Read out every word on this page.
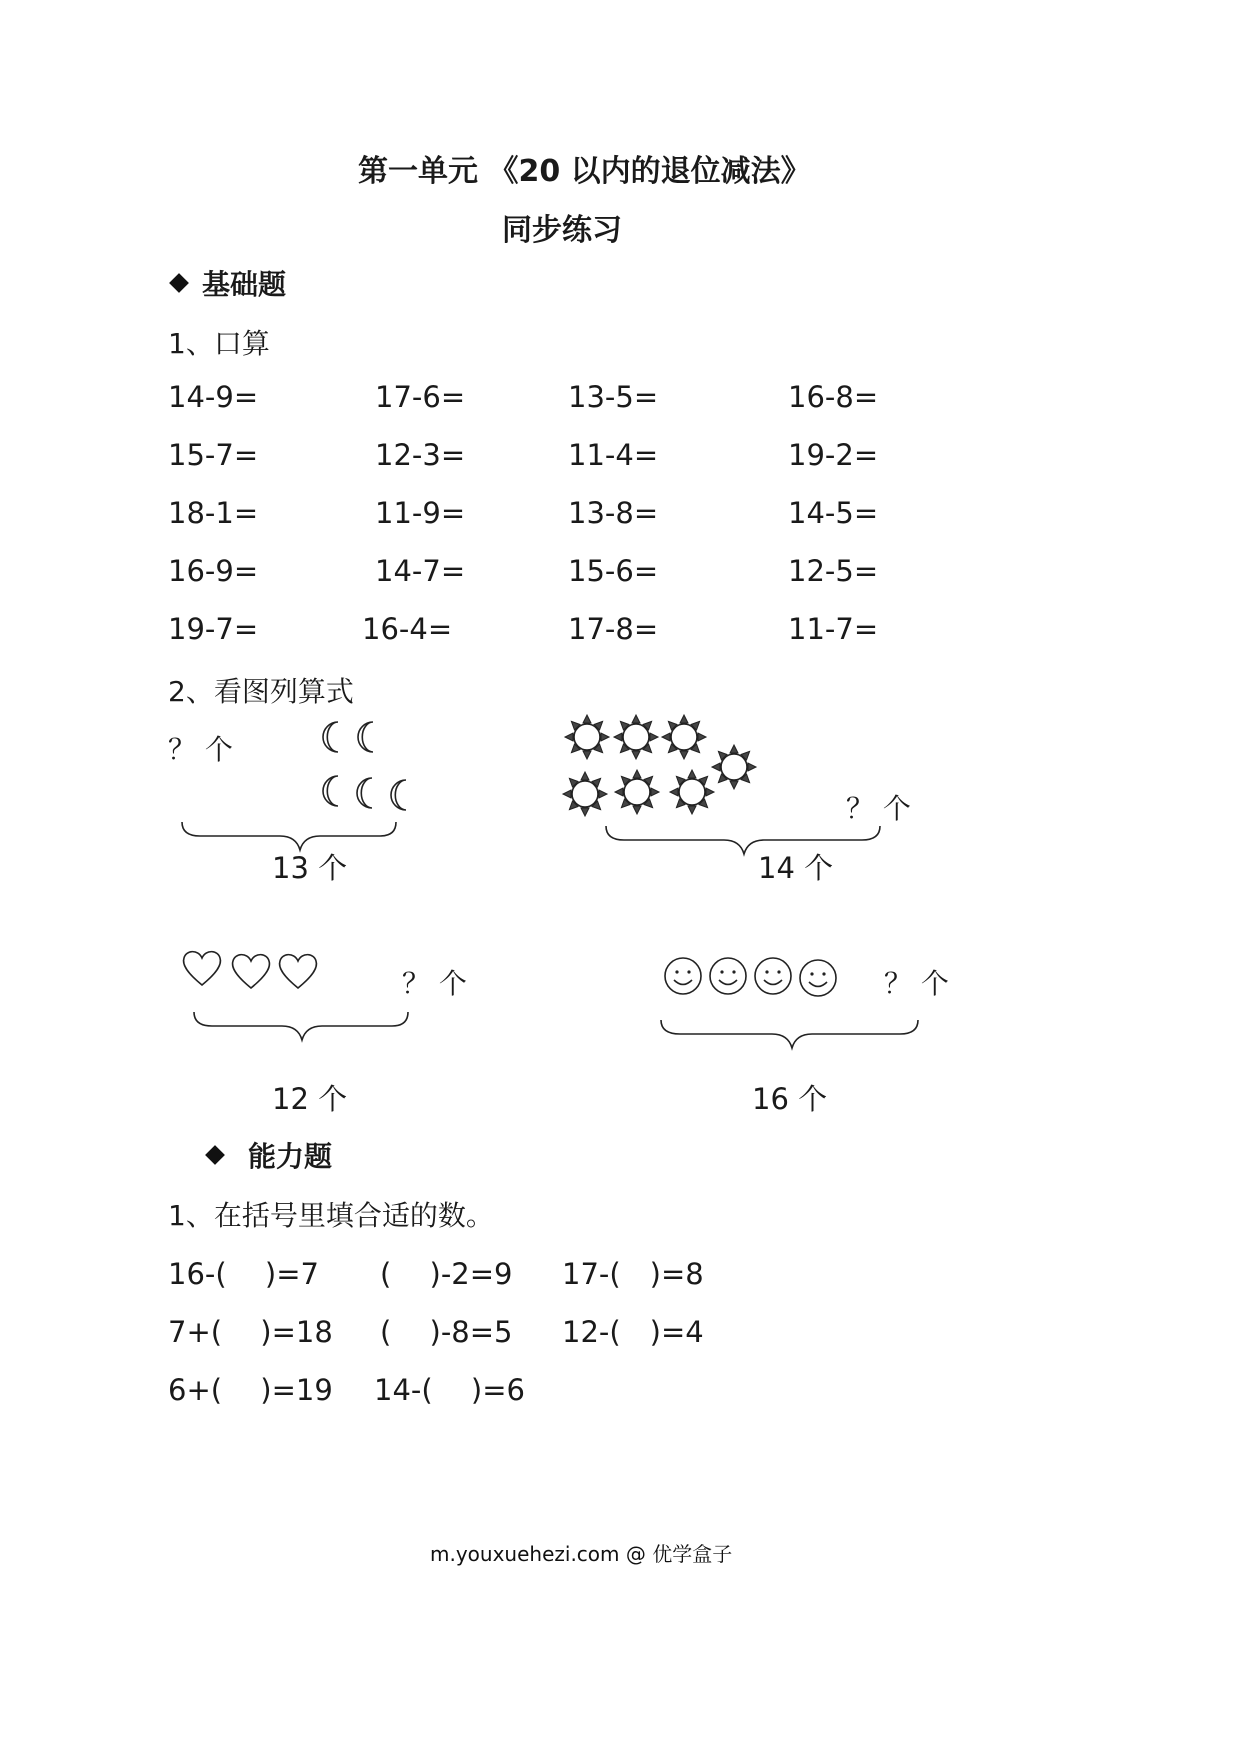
第一单元 《20 以内的退位减法》
同步练习
基础题
1、口算
14-9=	17-6=	13-5=	16-8=
15-7=	12-3=	11-4=	19-2=
18-1=	11-9=	13-8=	14-5=
16-9=	14-7=	15-6=	12-5=
19-7=	16-4=	17-8=	11-7=
2、看图列算式
？ 个
13 个
？ 个
14 个
？ 个
12 个
？ 个
16 个
能力题
1、在括号里填合适的数。
16-(　 )=7 (　 )-2=9 17-(　)=8
7+(　 )=18 (　 )-8=5 12-(　)=4
6+(　 )=19 14-(　 )=6
m.youxuehezi.com @ 优学盒子
